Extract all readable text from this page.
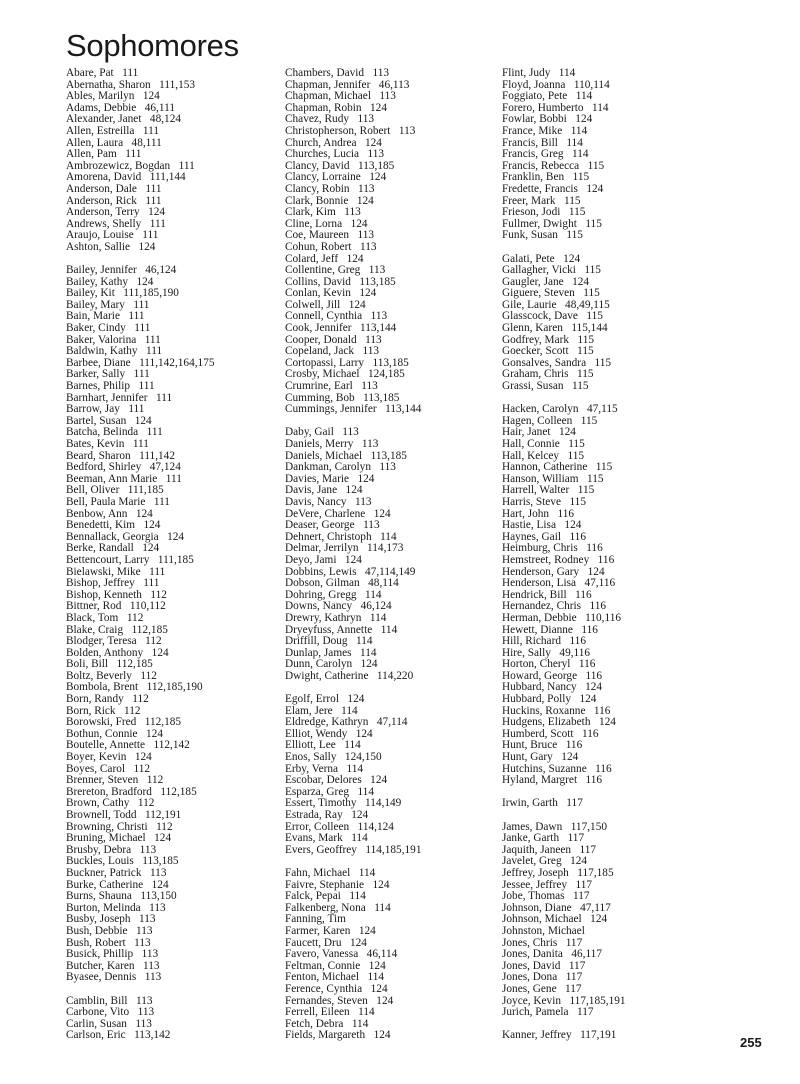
Sophomores
Abare, Pat   111
Abernatha, Sharon   111,153
Ables, Marilyn   124
Adams, Debbie   46,111
Alexander, Janet   48,124
Allen, Estreilla   111
Allen, Laura   48,111
Allen, Pam   111
Ambrozewicz, Bogdan   111
Amorena, David   111,144
Anderson, Dale   111
Anderson, Rick   111
Anderson, Terry   124
Andrews, Shelly   111
Araujo, Louise   111
Ashton, Sallie   124
Bailey, Jennifer   46,124
Bailey, Kathy   124
Bailey, Kit   111,185,190
Bailey, Mary   111
Bain, Marie   111
Baker, Cindy   111
Baker, Valorina   111
Baldwin, Kathy   111
Barbee, Diane   111,142,164,175
Barker, Sally   111
Barnes, Philip   111
Barnhart, Jennifer   111
Barrow, Jay   111
Bartel, Susan   124
Batcha, Belinda   111
Bates, Kevin   111
Beard, Sharon   111,142
Bedford, Shirley   47,124
Beeman, Ann Marie   111
Bell, Oliver   111,185
Bell, Paula Marie   111
Benbow, Ann   124
Benedetti, Kim   124
Bennallack, Georgia   124
Berke, Randall   124
Bettencourt, Larry   111,185
Bielawski, Mike   111
Bishop, Jeffrey   111
Bishop, Kenneth   112
Bittner, Rod   110,112
Black, Tom   112
Blake, Craig   112,185
Blodger, Teresa   112
Bolden, Anthony   124
Boli, Bill   112,185
Boltz, Beverly   112
Bombola, Brent   112,185,190
Born, Randy   112
Born, Rick   112
Borowski, Fred   112,185
Bothun, Connie   124
Boutelle, Annette   112,142
Boyer, Kevin   124
Boyes, Carol   112
Brenner, Steven   112
Brereton, Bradford   112,185
Brown, Cathy   112
Brownell, Todd   112,191
Browning, Christi   112
Bruning, Michael   124
Brusby, Debra   113
Buckles, Louis   113,185
Buckner, Patrick   113
Burke, Catherine   124
Burns, Shauna   113,150
Burton, Melinda   113
Busby, Joseph   113
Bush, Debbie   113
Bush, Robert   113
Busick, Phillip   113
Butcher, Karen   113
Byasee, Dennis   113
Camblin, Bill   113
Carbone, Vito   113
Carlin, Susan   113
Carlson, Eric   113,142
Chambers, David   113
Chapman, Jennifer   46,113
Chapman, Michael   113
Chapman, Robin   124
Chavez, Rudy   113
Christopherson, Robert   113
Church, Andrea   124
Churches, Lucia   113
Clancy, David   113,185
Clancy, Lorraine   124
Clancy, Robin   113
Clark, Bonnie   124
Clark, Kim   113
Cline, Lorna   124
Coe, Maureen   113
Cohun, Robert   113
Colard, Jeff   124
Collentine, Greg   113
Collins, David   113,185
Conlan, Kevin   124
Colwell, Jill   124
Connell, Cynthia   113
Cook, Jennifer   113,144
Cooper, Donald   113
Copeland, Jack   113
Cortopassi, Larry   113,185
Crosby, Michael   124,185
Crumrine, Earl   113
Cumming, Bob   113,185
Cummings, Jennifer   113,144
Daby, Gail   113
Daniels, Merry   113
Daniels, Michael   113,185
Dankman, Carolyn   113
Davies, Marie   124
Davis, Jane   124
Davis, Nancy   113
DeVere, Charlene   124
Deaser, George   113
Dehnert, Christoph   114
Delmar, Jerrilyn   114,173
Deyo, Jami   124
Dobbins, Lewis   47,114,149
Dobson, Gilman   48,114
Dohring, Gregg   114
Downs, Nancy   46,124
Drewry, Kathryn   114
Dryeyfuss, Annette   114
Driffill, Doug   114
Dunlap, James   114
Dunn, Carolyn   124
Dwight, Catherine   114,220
Egolf, Errol   124
Elam, Jere   114
Eldredge, Kathryn   47,114
Elliot, Wendy   124
Elliott, Lee   114
Enos, Sally   124,150
Erby, Verna   114
Escobar, Delores   124
Esparza, Greg   114
Essert, Timothy   114,149
Estrada, Ray   124
Error, Colleen   114,124
Evans, Mark   114
Evers, Geoffrey   114,185,191
Fahn, Michael   114
Faivre, Stephanie   124
Falck, Pepai   114
Falkenberg, Nona   114
Fanning, Tim
Farmer, Karen   124
Faucett, Dru   124
Favero, Vanessa   46,114
Feltman, Connie   124
Fenton, Michael   114
Ference, Cynthia   124
Fernandes, Steven   124
Ferrell, Eileen   114
Fetch, Debra   114
Fields, Margareth   124
Flint, Judy   114
Floyd, Joanna   110,114
Foggiato, Pete   114
Forero, Humberto   114
Fowlar, Bobbi   124
France, Mike   114
Francis, Bill   114
Francis, Greg   114
Francis, Rebecca   115
Franklin, Ben   115
Fredette, Francis   124
Freer, Mark   115
Frieson, Jodi   115
Fullmer, Dwight   115
Funk, Susan   115
Galati, Pete   124
Gallagher, Vicki   115
Gaugler, Jane   124
Giguere, Steven   115
Gile, Laurie   48,49,115
Glasscock, Dave   115
Glenn, Karen   115,144
Godfrey, Mark   115
Goecker, Scott   115
Gonsalves, Sandra   115
Graham, Chris   115
Grassi, Susan   115
Hacken, Carolyn   47,115
Hagen, Colleen   115
Hair, Janet   124
Hall, Connie   115
Hall, Kelcey   115
Hannon, Catherine   115
Hanson, William   115
Harrell, Walter   115
Harris, Steve   115
Hart, John   116
Hastie, Lisa   124
Haynes, Gail   116
Heimburg, Chris   116
Hemstreet, Rodney   116
Henderson, Gary   124
Henderson, Lisa   47,116
Hendrick, Bill   116
Hernandez, Chris   116
Herman, Debbie   110,116
Hewett, Dianne   116
Hill, Richard   116
Hire, Sally   49,116
Horton, Cheryl   116
Howard, George   116
Hubbard, Nancy   124
Hubbard, Polly   124
Huckins, Roxanne   116
Hudgens, Elizabeth   124
Humberd, Scott   116
Hunt, Bruce   116
Hunt, Gary   124
Hutchins, Suzanne   116
Hyland, Margret   116
Irwin, Garth   117
James, Dawn   117,150
Janke, Garth   117
Jaquith, Janeen   117
Javelet, Greg   124
Jeffrey, Joseph   117,185
Jessee, Jeffrey   117
Jobe, Thomas   117
Johnson, Diane   47,117
Johnson, Michael   124
Johnston, Michael
Jones, Chris   117
Jones, Danita   46,117
Jones, David   117
Jones, Dona   117
Jones, Gene   117
Joyce, Kevin   117,185,191
Jurich, Pamela   117
Kanner, Jeffrey   117,191	255
